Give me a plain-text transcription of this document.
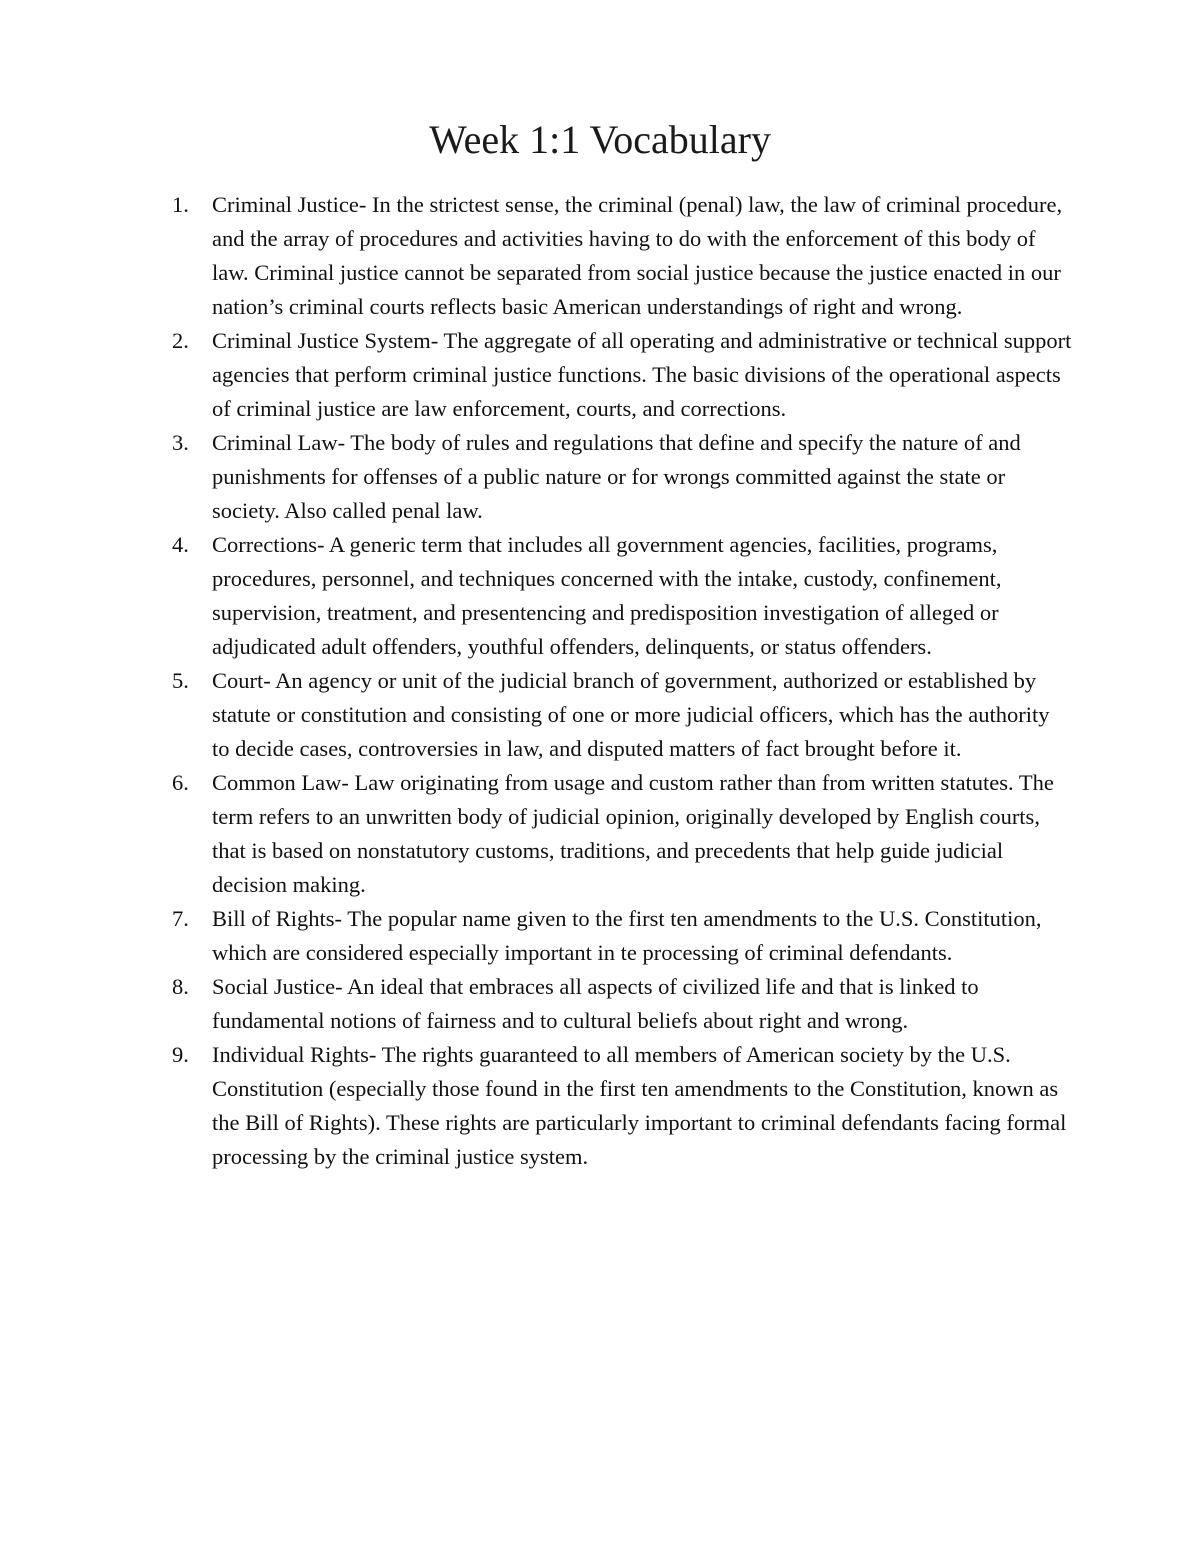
Week 1:1 Vocabulary
1.	Criminal Justice- In the strictest sense, the criminal (penal) law, the law of criminal procedure, and the array of procedures and activities having to do with the enforcement of this body of law. Criminal justice cannot be separated from social justice because the justice enacted in our nation’s criminal courts reflects basic American understandings of right and wrong.
2.	Criminal Justice System- The aggregate of all operating and administrative or technical support agencies that perform criminal justice functions. The basic divisions of the operational aspects of criminal justice are law enforcement, courts, and corrections.
3.	Criminal Law- The body of rules and regulations that define and specify the nature of and punishments for offenses of a public nature or for wrongs committed against the state or society. Also called penal law.
4.	Corrections- A generic term that includes all government agencies, facilities, programs, procedures, personnel, and techniques concerned with the intake, custody, confinement, supervision, treatment, and presentencing and predisposition investigation of alleged or adjudicated adult offenders, youthful offenders, delinquents, or status offenders.
5.	Court- An agency or unit of the judicial branch of government, authorized or established by statute or constitution and consisting of one or more judicial officers, which has the authority to decide cases, controversies in law, and disputed matters of fact brought before it.
6.	Common Law- Law originating from usage and custom rather than from written statutes. The term refers to an unwritten body of judicial opinion, originally developed by English courts, that is based on nonstatutory customs, traditions, and precedents that help guide judicial decision making.
7.	Bill of Rights- The popular name given to the first ten amendments to the U.S. Constitution, which are considered especially important in te processing of criminal defendants.
8.	Social Justice- An ideal that embraces all aspects of civilized life and that is linked to fundamental notions of fairness and to cultural beliefs about right and wrong.
9.	Individual Rights- The rights guaranteed to all members of American society by the U.S. Constitution (especially those found in the first ten amendments to the Constitution, known as the Bill of Rights). These rights are particularly important to criminal defendants facing formal processing by the criminal justice system.
